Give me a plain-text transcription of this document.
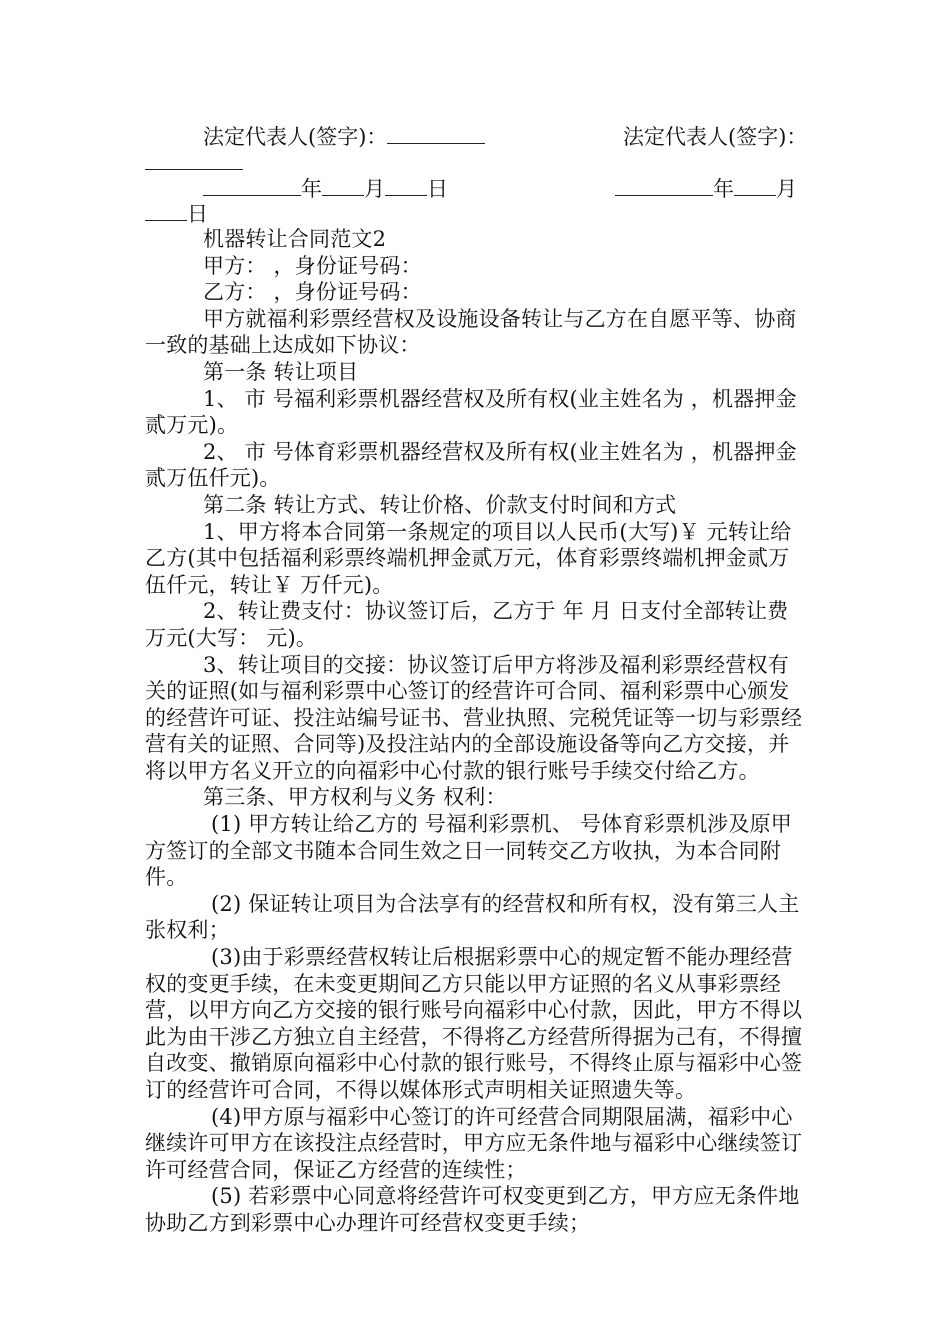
法定代表人(签字)：	法定代表人(签字)：
年 月 日	年 月
日

机器转让合同范文2

甲方： ，身份证号码：

乙方： ，身份证号码：

甲方就福利彩票经营权及设施设备转让与乙方在自愿平等、协商一致的基础上达成如下协议：

第一条 转让项目

1、 市 号福利彩票机器经营权及所有权(业主姓名为 ，机器押金贰万元)。

2、 市 号体育彩票机器经营权及所有权(业主姓名为 ，机器押金贰万伍仟元)。

第二条 转让方式、转让价格、价款支付时间和方式

1、甲方将本合同第一条规定的项目以人民币(大写)￥ 元转让给乙方(其中包括福利彩票终端机押金贰万元，体育彩票终端机押金贰万伍仟元，转让￥ 万仟元)。

2、转让费支付：协议签订后，乙方于 年 月 日支付全部转让费 万元(大写： 元)。

3、转让项目的交接：协议签订后甲方将涉及福利彩票经营权有关的证照(如与福利彩票中心签订的经营许可合同、福利彩票中心颁发的经营许可证、投注站编号证书、营业执照、完税凭证等一切与彩票经营有关的证照、合同等)及投注站内的全部设施设备等向乙方交接，并将以甲方名义开立的向福彩中心付款的银行账号手续交付给乙方。

第三条、甲方权利与义务 权利：

(1) 甲方转让给乙方的 号福利彩票机、 号体育彩票机涉及原甲方签订的全部文书随本合同生效之日一同转交乙方收执，为本合同附件。

(2) 保证转让项目为合法享有的经营权和所有权，没有第三人主张权利；

(3)由于彩票经营权转让后根据彩票中心的规定暂不能办理经营权的变更手续，在未变更期间乙方只能以甲方证照的名义从事彩票经营，以甲方向乙方交接的银行账号向福彩中心付款，因此，甲方不得以此为由干涉乙方独立自主经营，不得将乙方经营所得据为己有，不得擅自改变、撤销原向福彩中心付款的银行账号，不得终止原与福彩中心签订的经营许可合同，不得以媒体形式声明相关证照遗失等。

(4)甲方原与福彩中心签订的许可经营合同期限届满，福彩中心继续许可甲方在该投注点经营时，甲方应无条件地与福彩中心继续签订许可经营合同，保证乙方经营的连续性；

(5) 若彩票中心同意将经营许可权变更到乙方，甲方应无条件地协助乙方到彩票中心办理许可经营权变更手续；
